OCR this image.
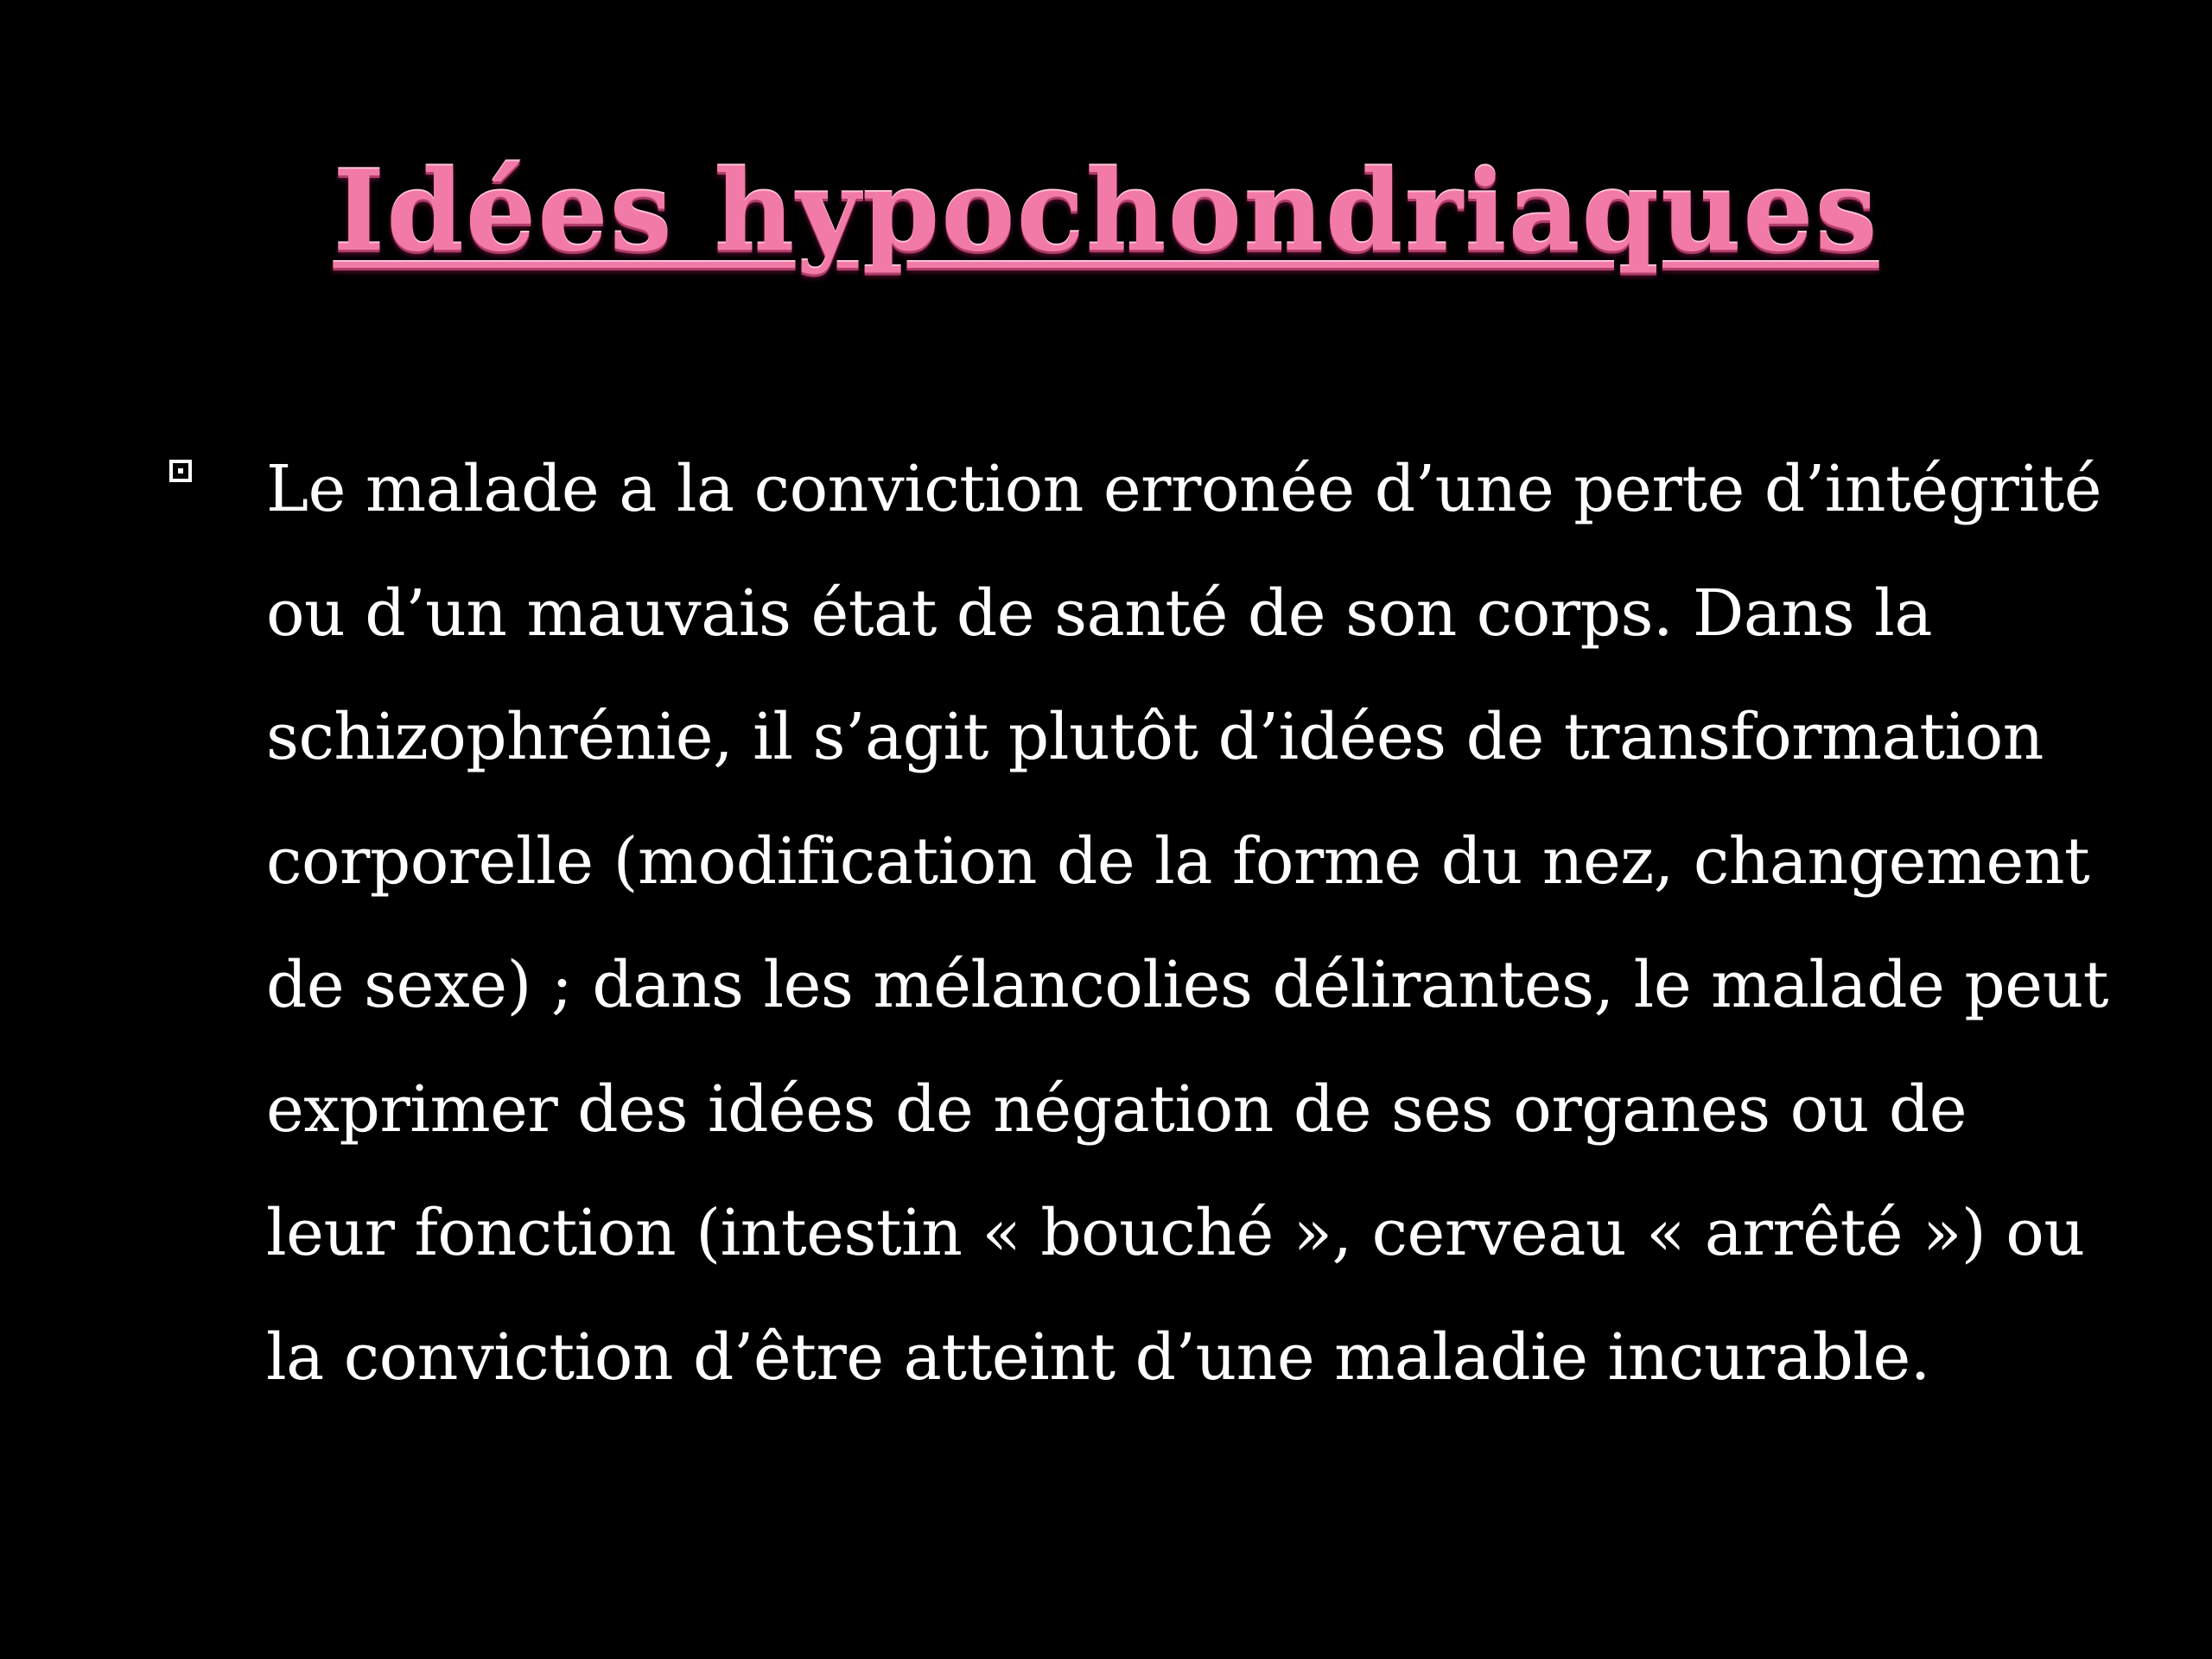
Idées hypochondriaques
Le malade a la conviction erronée d’une perte d’intégrité ou d’un mauvais état de santé de son corps. Dans la schizophrénie, il s’agit plutôt d’idées de transformation corporelle (modification de la forme du nez, changement de sexe) ; dans les mélancolies délirantes, le malade peut exprimer des idées de négation de ses organes ou de leur fonction (intestin « bouché », cerveau « arrêté ») ou la conviction d’être atteint d’une maladie incurable.
